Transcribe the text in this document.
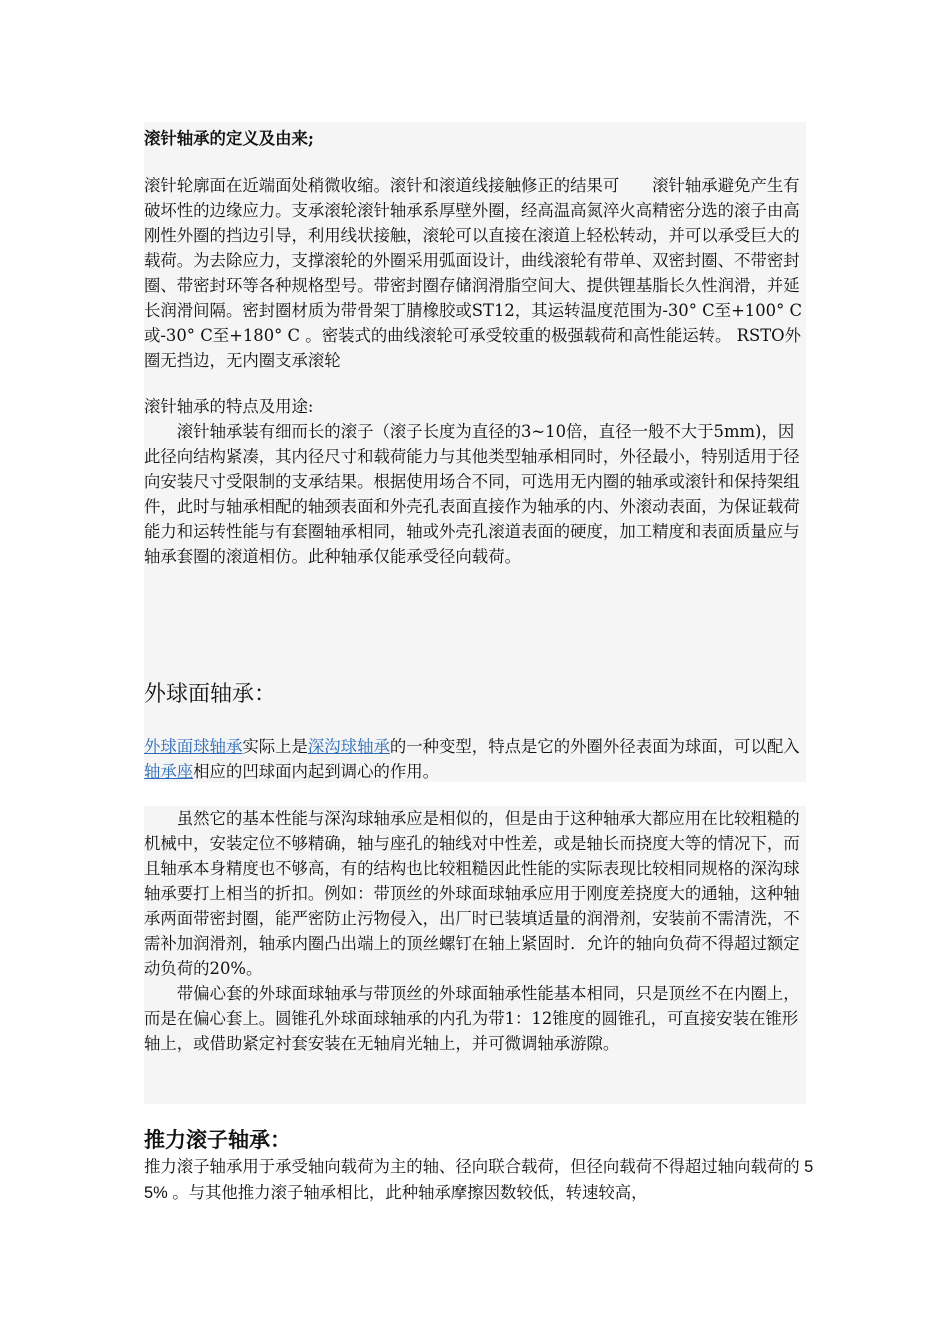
滚针轴承的定义及由来;

滚针轮廓面在近端面处稍微收缩。滚针和滚道线接触修正的结果可　　滚针轴承避免产生有破坏性的边缘应力。支承滚轮滚针轴承系厚壁外圈，经高温高氮淬火高精密分选的滚子由高刚性外圈的挡边引导，利用线状接触，滚轮可以直接在滚道上轻松转动，并可以承受巨大的载荷。为去除应力，支撑滚轮的外圈采用弧面设计，曲线滚轮有带单、双密封圈、不带密封圈、带密封环等各种规格型号。带密封圈存储润滑脂空间大、提供锂基脂长久性润滑，并延长润滑间隔。密封圈材质为带骨架丁腈橡胶或ST12，其运转温度范围为-30° C至+100° C或-30° C至+180° C 。密装式的曲线滚轮可承受较重的极强载荷和高性能运转。 RSTO外圈无挡边，无内圈支承滚轮

滚针轴承的特点及用途:

滚针轴承装有细而长的滚子（滚子长度为直径的3~10倍，直径一般不大于5mm)，因此径向结构紧凑，其内径尺寸和载荷能力与其他类型轴承相同时，外径最小，特别适用于径向安装尺寸受限制的支承结果。根据使用场合不同，可选用无内圈的轴承或滚针和保持架组件，此时与轴承相配的轴颈表面和外壳孔表面直接作为轴承的内、外滚动表面，为保证载荷能力和运转性能与有套圈轴承相同，轴或外壳孔滚道表面的硬度，加工精度和表面质量应与轴承套圈的滚道相仿。此种轴承仅能承受径向载荷。

外球面轴承：

外球面球轴承实际上是深沟球轴承的一种变型，特点是它的外圈外径表面为球面，可以配入轴承座相应的凹球面内起到调心的作用。

虽然它的基本性能与深沟球轴承应是相似的，但是由于这种轴承大都应用在比较粗糙的机械中，安装定位不够精确，轴与座孔的轴线对中性差，或是轴长而挠度大等的情况下，而且轴承本身精度也不够高，有的结构也比较粗糙因此性能的实际表现比较相同规格的深沟球轴承要打上相当的折扣。例如：带顶丝的外球面球轴承应用于刚度差挠度大的通轴，这种轴承两面带密封圈，能严密防止污物侵入，出厂时已装填适量的润滑剂，安装前不需清洗，不需补加润滑剂，轴承内圈凸出端上的顶丝螺钉在轴上紧固时．允许的轴向负荷不得超过额定动负荷的20%。

带偏心套的外球面球轴承与带顶丝的外球面轴承性能基本相同，只是顶丝不在内圈上，而是在偏心套上。圆锥孔外球面球轴承的内孔为带1：12锥度的圆锥孔，可直接安装在锥形轴上，或借助紧定衬套安装在无轴肩光轴上，并可微调轴承游隙。

推力滚子轴承：

推力滚子轴承用于承受轴向载荷为主的轴、径向联合载荷，但径向载荷不得超过轴向载荷的 55% 。与其他推力滚子轴承相比，此种轴承摩擦因数较低，转速较高，
